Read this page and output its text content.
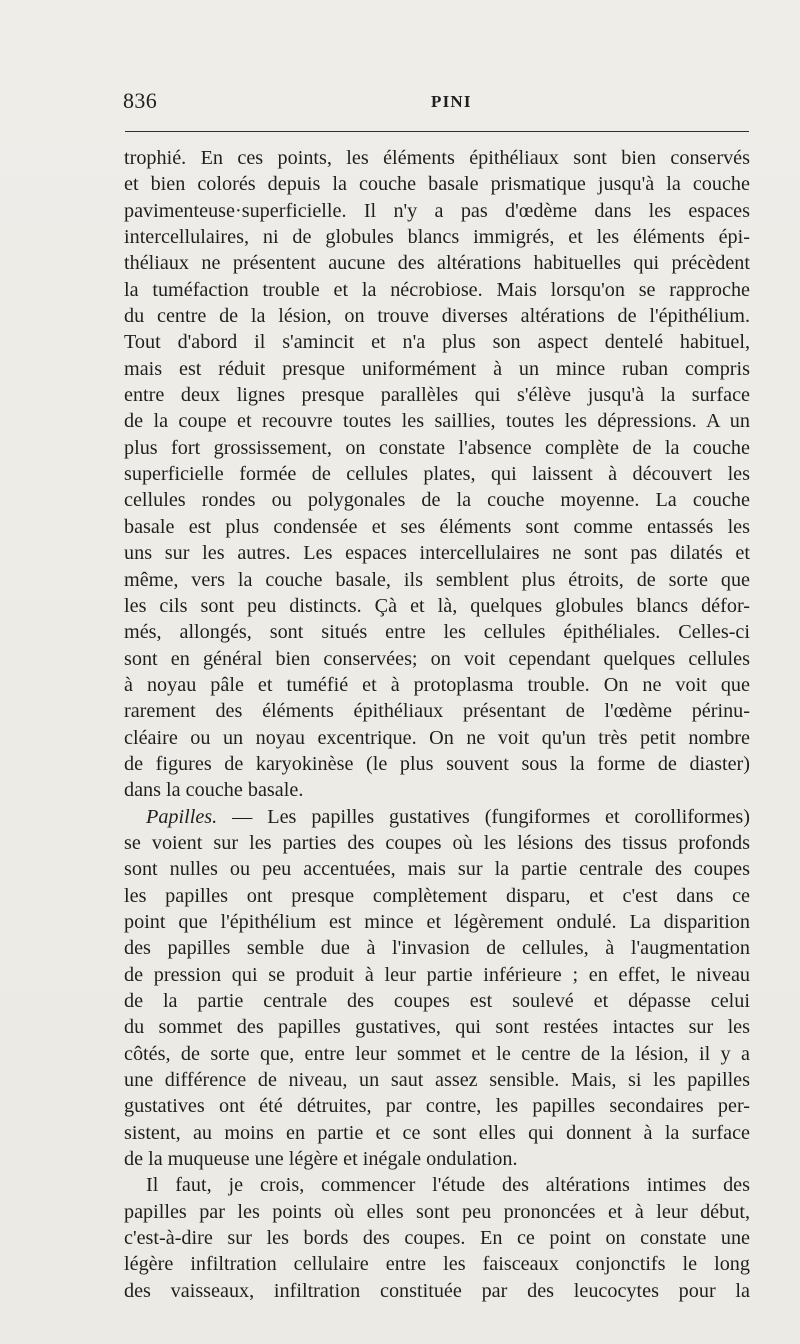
836	PINI
trophié. En ces points, les éléments épithéliaux sont bien conservés
et bien colorés depuis la couche basale prismatique jusqu'à la couche
pavimenteuse·superficielle. Il n'y a pas d'œdème dans les espaces
intercellulaires, ni de globules blancs immigrés, et les éléments épi-
théliaux ne présentent aucune des altérations habituelles qui précèdent
la tuméfaction trouble et la nécrobiose. Mais lorsqu'on se rapproche
du centre de la lésion, on trouve diverses altérations de l'épithélium.
Tout d'abord il s'amincit et n'a plus son aspect dentelé habituel,
mais est réduit presque uniformément à un mince ruban compris
entre deux lignes presque parallèles qui s'élève jusqu'à la surface
de la coupe et recouvre toutes les saillies, toutes les dépressions. A un
plus fort grossissement, on constate l'absence complète de la couche
superficielle formée de cellules plates, qui laissent à découvert les
cellules rondes ou polygonales de la couche moyenne. La couche
basale est plus condensée et ses éléments sont comme entassés les
uns sur les autres. Les espaces intercellulaires ne sont pas dilatés et
même, vers la couche basale, ils semblent plus étroits, de sorte que
les cils sont peu distincts. Çà et là, quelques globules blancs défor-
més, allongés, sont situés entre les cellules épithéliales. Celles-ci
sont en général bien conservées; on voit cependant quelques cellules
à noyau pâle et tuméfié et à protoplasma trouble. On ne voit que
rarement des éléments épithéliaux présentant de l'œdème périnu-
cléaire ou un noyau excentrique. On ne voit qu'un très petit nombre
de figures de karyokinèse (le plus souvent sous la forme de diaster)
dans la couche basale.
Papilles. — Les papilles gustatives (fungiformes et corolliformes)
se voient sur les parties des coupes où les lésions des tissus profonds
sont nulles ou peu accentuées, mais sur la partie centrale des coupes
les papilles ont presque complètement disparu, et c'est dans ce
point que l'épithélium est mince et légèrement ondulé. La disparition
des papilles semble due à l'invasion de cellules, à l'augmentation
de pression qui se produit à leur partie inférieure ; en effet, le niveau
de la partie centrale des coupes est soulevé et dépasse celui
du sommet des papilles gustatives, qui sont restées intactes sur les
côtés, de sorte que, entre leur sommet et le centre de la lésion, il y a
une différence de niveau, un saut assez sensible. Mais, si les papilles
gustatives ont été détruites, par contre, les papilles secondaires per-
sistent, au moins en partie et ce sont elles qui donnent à la surface
de la muqueuse une légère et inégale ondulation.
Il faut, je crois, commencer l'étude des altérations intimes des
papilles par les points où elles sont peu prononcées et à leur début,
c'est-à-dire sur les bords des coupes. En ce point on constate une
légère infiltration cellulaire entre les faisceaux conjonctifs le long
des vaisseaux, infiltration constituée par des leucocytes pour la
